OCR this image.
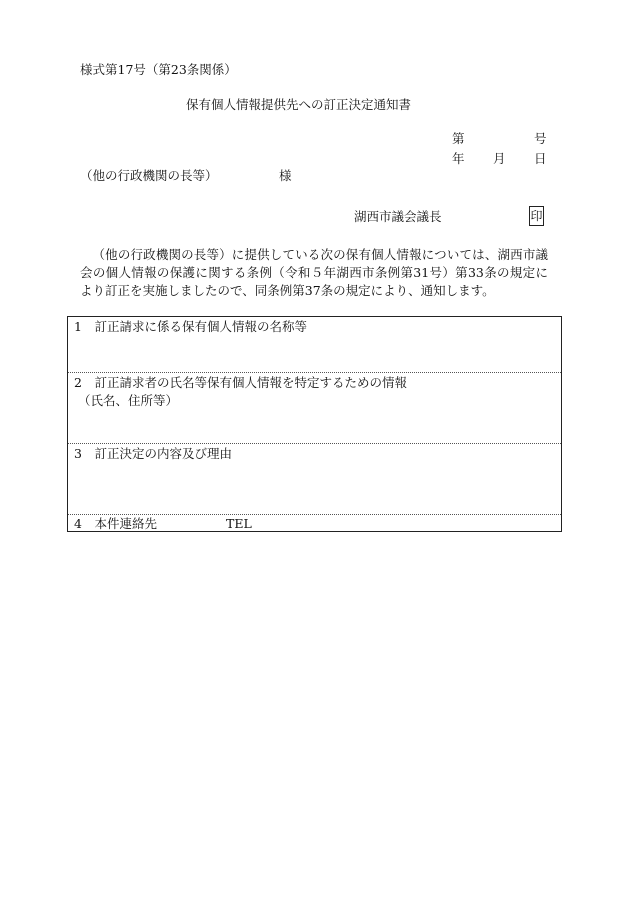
様式第17号（第23条関係）
保有個人情報提供先への訂正決定通知書
第	号
年 月 日
（他の行政機関の長等）	様
湖西市議会議長	印
（他の行政機関の長等）に提供している次の保有個人情報については、湖西市議会の個人情報の保護に関する条例（令和５年湖西市条例第31号）第33条の規定により訂正を実施しましたので、同条例第37条の規定により、通知します。
1　訂正請求に係る保有個人情報の名称等
2　訂正請求者の氏名等保有個人情報を特定するための情報
（氏名、住所等）
3　訂正決定の内容及び理由
4　本件連絡先	TEL
